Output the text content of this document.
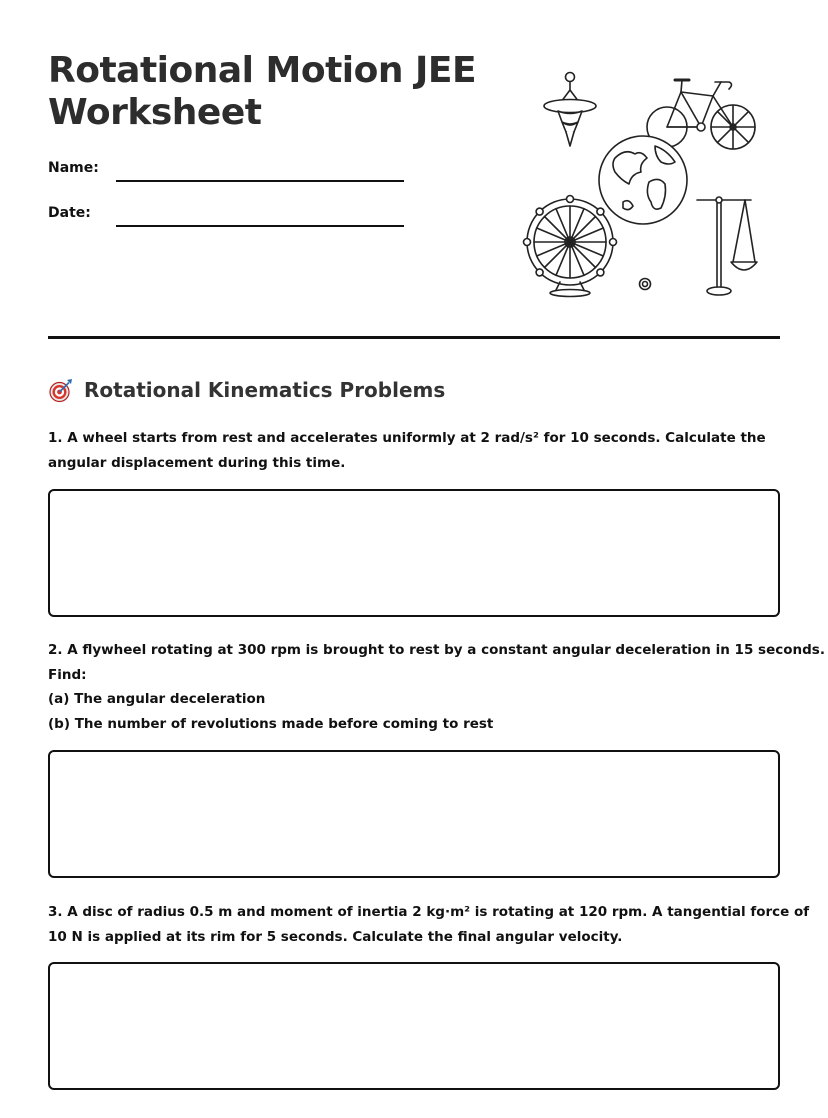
Rotational Motion JEE Worksheet
Name:
Date:
Rotational Kinematics Problems

1. A wheel starts from rest and accelerates uniformly at 2 rad/s² for 10 seconds. Calculate the
angular displacement during this time.

2. A flywheel rotating at 300 rpm is brought to rest by a constant angular deceleration in 15 seconds.
Find:
(a) The angular deceleration
(b) The number of revolutions made before coming to rest

3. A disc of radius 0.5 m and moment of inertia 2 kg·m² is rotating at 120 rpm. A tangential force of
10 N is applied at its rim for 5 seconds. Calculate the final angular velocity.
